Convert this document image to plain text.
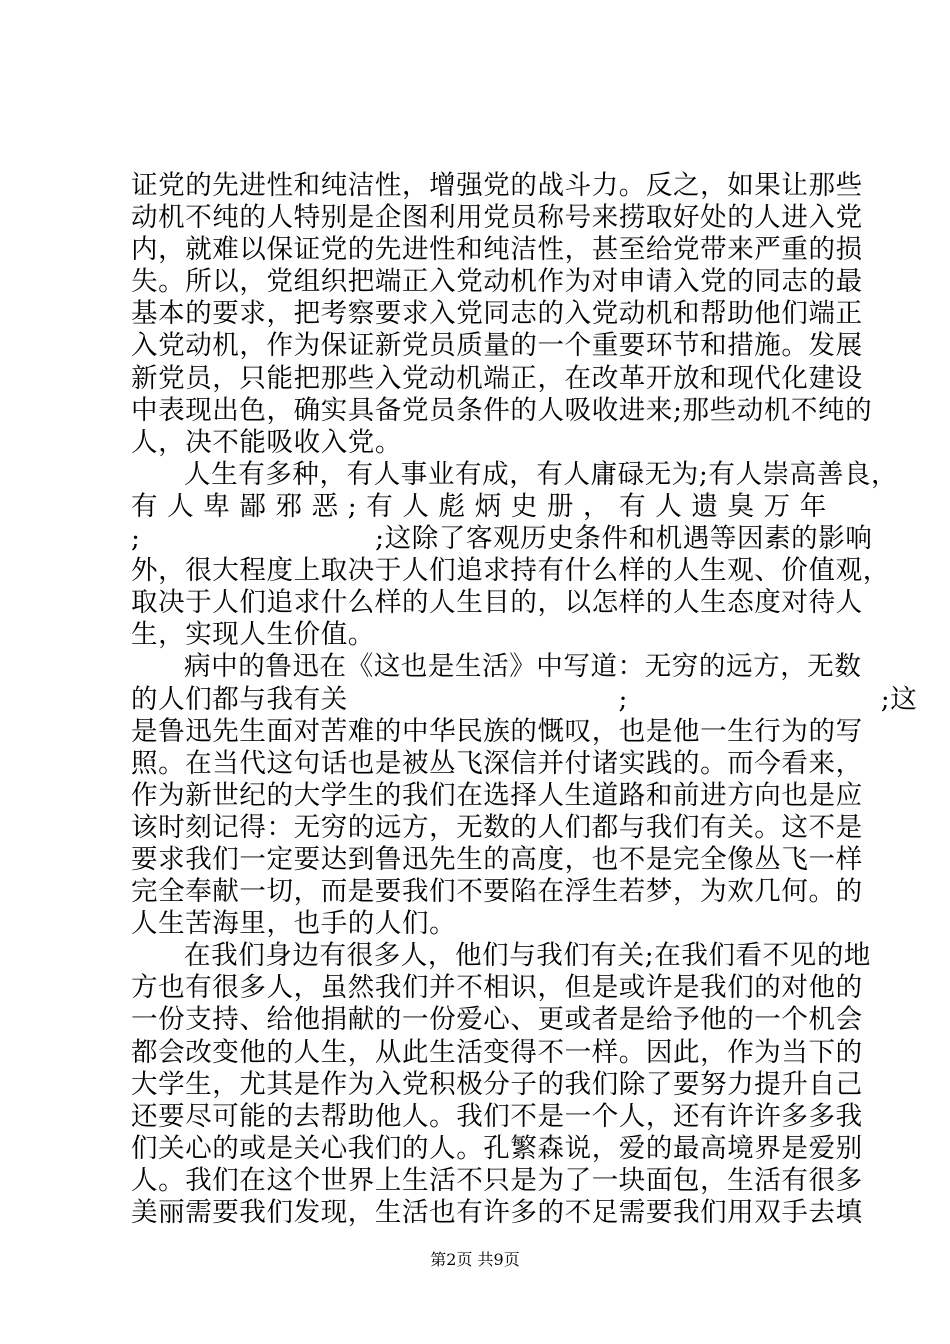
证党的先进性和纯洁性，增强党的战斗力。反之，如果让那些
动机不纯的人特别是企图利用党员称号来捞取好处的人进入党
内，就难以保证党的先进性和纯洁性，甚至给党带来严重的损
失。所以，党组织把端正入党动机作为对申请入党的同志的最
基本的要求，把考察要求入党同志的入党动机和帮助他们端正
入党动机，作为保证新党员质量的一个重要环节和措施。发展
新党员，只能把那些入党动机端正，在改革开放和现代化建设
中表现出色，确实具备党员条件的人吸收进来;那些动机不纯的
人，决不能吸收入党。
人生有多种，有人事业有成，有人庸碌无为;有人崇高善良，
有 人 卑 鄙 邪 恶 ; 有 人 彪 炳 史 册 ， 有 人 遗 臭 万 年
;                          ;这除了客观历史条件和机遇等因素的影响
外，很大程度上取决于人们追求持有什么样的人生观、价值观，
取决于人们追求什么样的人生目的，以怎样的人生态度对待人
生，实现人生价值。
病中的鲁迅在《这也是生活》中写道：无穷的远方，无数
的人们都与我有关                              ;                            ;这
是鲁迅先生面对苦难的中华民族的慨叹，也是他一生行为的写
照。在当代这句话也是被丛飞深信并付诸实践的。而今看来，
作为新世纪的大学生的我们在选择人生道路和前进方向也是应
该时刻记得：无穷的远方，无数的人们都与我们有关。这不是
要求我们一定要达到鲁迅先生的高度，也不是完全像丛飞一样
完全奉献一切，而是要我们不要陷在浮生若梦，为欢几何。的
人生苦海里，也手的人们。
在我们身边有很多人，他们与我们有关;在我们看不见的地
方也有很多人，虽然我们并不相识，但是或许是我们的对他的
一份支持、给他捐献的一份爱心、更或者是给予他的一个机会
都会改变他的人生，从此生活变得不一样。因此，作为当下的
大学生，尤其是作为入党积极分子的我们除了要努力提升自己
还要尽可能的去帮助他人。我们不是一个人，还有许许多多我
们关心的或是关心我们的人。孔繁森说，爱的最高境界是爱别
人。我们在这个世界上生活不只是为了一块面包，生活有很多
美丽需要我们发现，生活也有许多的不足需要我们用双手去填
第2页 共9页
